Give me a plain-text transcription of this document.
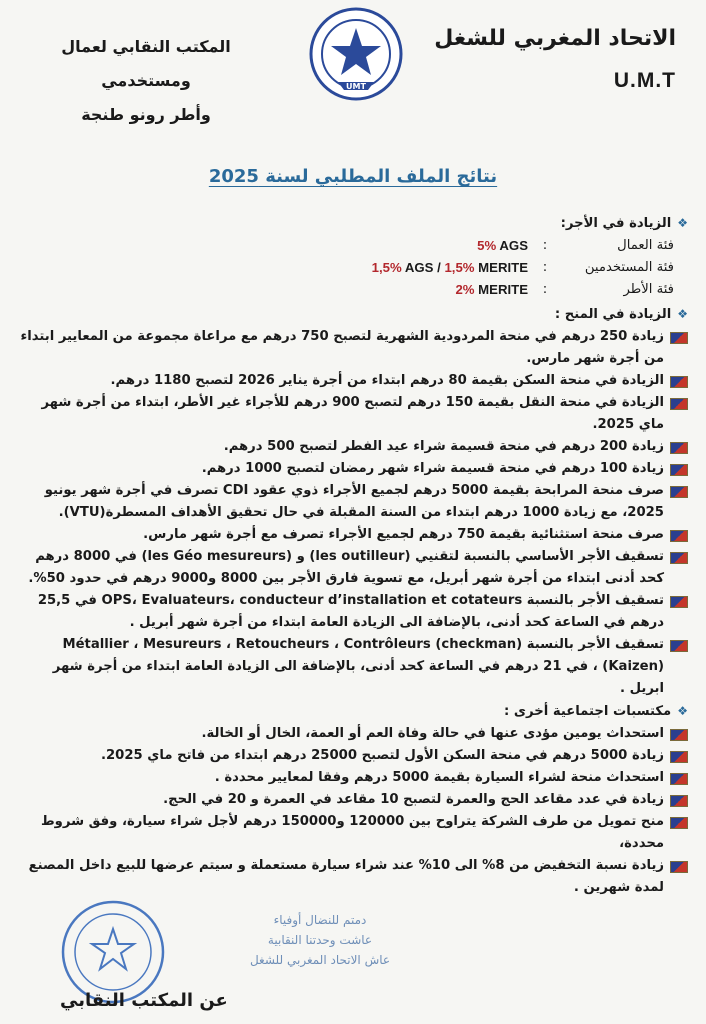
الاتحاد المغربي للشغل
U.M.T
UMT
المكتب النقابي لعمال ومستخدمي
وأطر رونو طنجة
نتائج الملف المطلبي لسنة 2025
❖الزيادة في الأجر:
فئة العمال
:
5% AGS
فئة المستخدمين
:
1,5% AGS / 1,5% MERITE
فئة الأطر
:
2% MERITE
❖الزيادة في المنح :
زيادة 250 درهم في منحة المردودية الشهرية لتصبح 750 درهم مع مراعاة مجموعة من المعايير ابتداء من أجرة شهر مارس.
الزيادة في منحة السكن بقيمة 80 درهم ابتداء من أجرة يناير 2026 لتصبح 1180 درهم.
الزيادة في منحة النقل بقيمة 150 درهم لتصبح 900 درهم للأجراء غير الأطر، ابتداء من أجرة شهر ماي 2025.
زيادة 200 درهم في منحة قسيمة شراء عيد الفطر لتصبح 500 درهم.
زيادة 100 درهم في منحة قسيمة شراء شهر رمضان لتصبح 1000 درهم.
صرف منحة المرابحة بقيمة 5000 درهم لجميع الأجراء ذوي عقود CDI تصرف في أجرة شهر يونيو 2025، مع زيادة 1000 درهم ابتداء من السنة المقبلة في حال تحقيق الأهداف المسطرة(VTU).
صرف منحة استثنائية بقيمة 750 درهم لجميع الأجراء تصرف مع أجرة شهر مارس.
تسقيف الأجر الأساسي بالنسبة لتقنيي (les outilleur) و (les Géo mesureurs) في 8000 درهم كحد أدنى ابتداء من أجرة شهر أبريل، مع تسوية فارق الأجر بين 8000 و9000 درهم في حدود 50%.
تسقيف الأجر بالنسبة OPS، Evaluateurs، conducteur d’installation et cotateurs في 25,5 درهم في الساعة كحد أدنى، بالإضافة الى الزيادة العامة ابتداء من أجرة شهر أبريل .
تسقيف الأجر بالنسبة Métallier ، Mesureurs ، Retoucheurs ، Contrôleurs (checkman) (Kaizen) ، في 21 درهم في الساعة كحد أدنى، بالإضافة الى الزيادة العامة ابتداء من أجرة شهر ابريل .
❖مكتسبات اجتماعية أخرى :
استحداث يومين مؤدى عنها في حالة وفاة العم أو العمة، الخال أو الخالة.
زيادة 5000 درهم في منحة السكن الأول لتصبح 25000 درهم ابتداء من فاتح ماي 2025.
استحداث منحة لشراء السيارة بقيمة 5000 درهم وفقا لمعايير محددة .
زيادة في عدد مقاعد الحج والعمرة لتصبح 10 مقاعد في العمرة و 20 في الحج.
منح تمويل من طرف الشركة يتراوح بين 120000 و150000 درهم لأجل شراء سيارة، وفق شروط محددة،
زيادة نسبة التخفيض من 8% الى 10% عند شراء سيارة مستعملة و سيتم عرضها للبيع داخل المصنع لمدة شهرين .
دمتم للنضال أوفياء
عاشت وحدتنا النقابية
عاش الاتحاد المغربي للشغل
عن المكتب النقابي
